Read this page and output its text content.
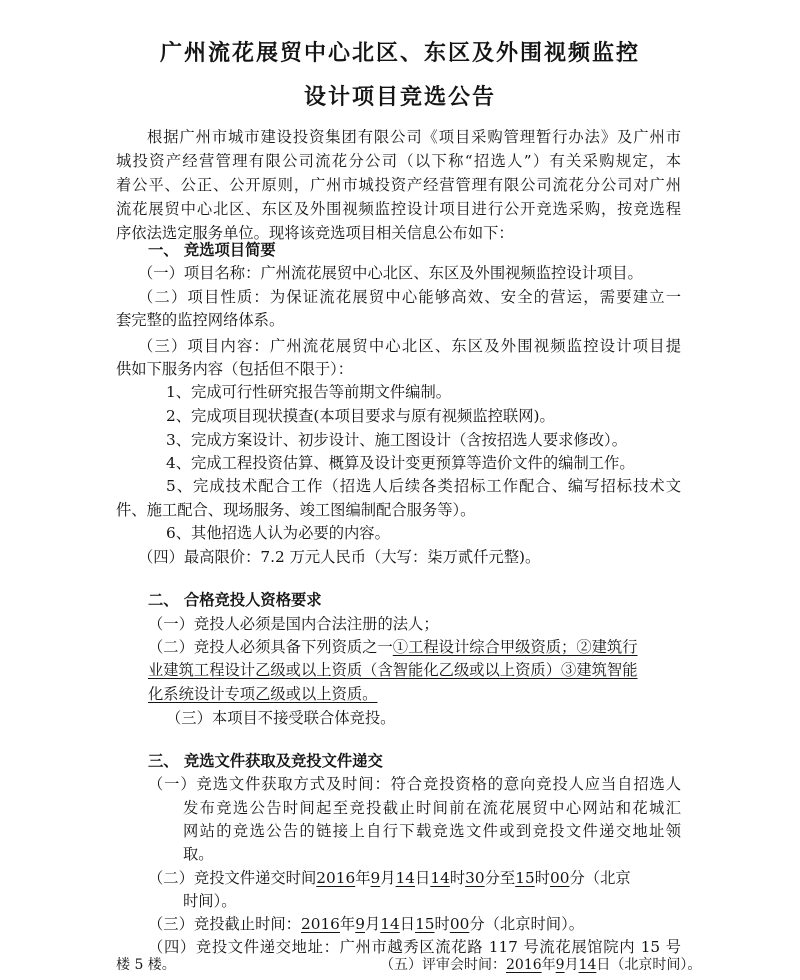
广州流花展贸中心北区、东区及外围视频监控
设计项目竞选公告
根据广州市城市建设投资集团有限公司《项目采购管理暂行办法》及广州市
城投资产经营管理有限公司流花分公司（以下称“招选人”）有关采购规定，本
着公平、公正、公开原则，广州市城投资产经营管理有限公司流花分公司对广州
流花展贸中心北区、东区及外围视频监控设计项目进行公开竞选采购，按竞选程
序依法选定服务单位。现将该竞选项目相关信息公布如下：
一、 竞选项目简要
（一）项目名称：广州流花展贸中心北区、东区及外围视频监控设计项目。
（二）项目性质：为保证流花展贸中心能够高效、安全的营运，需要建立一
套完整的监控网络体系。
（三）项目内容：广州流花展贸中心北区、东区及外围视频监控设计项目提
供如下服务内容（包括但不限于）：
1、完成可行性研究报告等前期文件编制。
2、完成项目现状摸查(本项目要求与原有视频监控联网)。
3、完成方案设计、初步设计、施工图设计（含按招选人要求修改）。
4、完成工程投资估算、概算及设计变更预算等造价文件的编制工作。
5、完成技术配合工作（招选人后续各类招标工作配合、编写招标技术文
件、施工配合、现场服务、竣工图编制配合服务等）。
6、其他招选人认为必要的内容。
（四）最高限价：7.2 万元人民币（大写：柒万贰仟元整)。
二、 合格竞投人资格要求
（一）竞投人必须是国内合法注册的法人；
（二）竞投人必须具备下列资质之一①工程设计综合甲级资质；②建筑行
业建筑工程设计乙级或以上资质（含智能化乙级或以上资质）③建筑智能
化系统设计专项乙级或以上资质。
（三）本项目不接受联合体竞投。
三、 竞选文件获取及竞投文件递交
（一）竞选文件获取方式及时间：符合竞投资格的意向竞投人应当自招选人
发布竞选公告时间起至竞投截止时间前在流花展贸中心网站和花城汇
网站的竞选公告的链接上自行下载竞选文件或到竞投文件递交地址领
取。
（二）竞投文件递交时间2016年9月14日14时30分至15时00分（北京
时间）。
（三）竞投截止时间：2016年9月14日15时00分（北京时间）。
（四）竞投文件递交地址：广州市越秀区流花路 117 号流花展馆院内 15 号
楼 5 楼。	（五）评审会时间：2016年9月14日（北京时间）。
